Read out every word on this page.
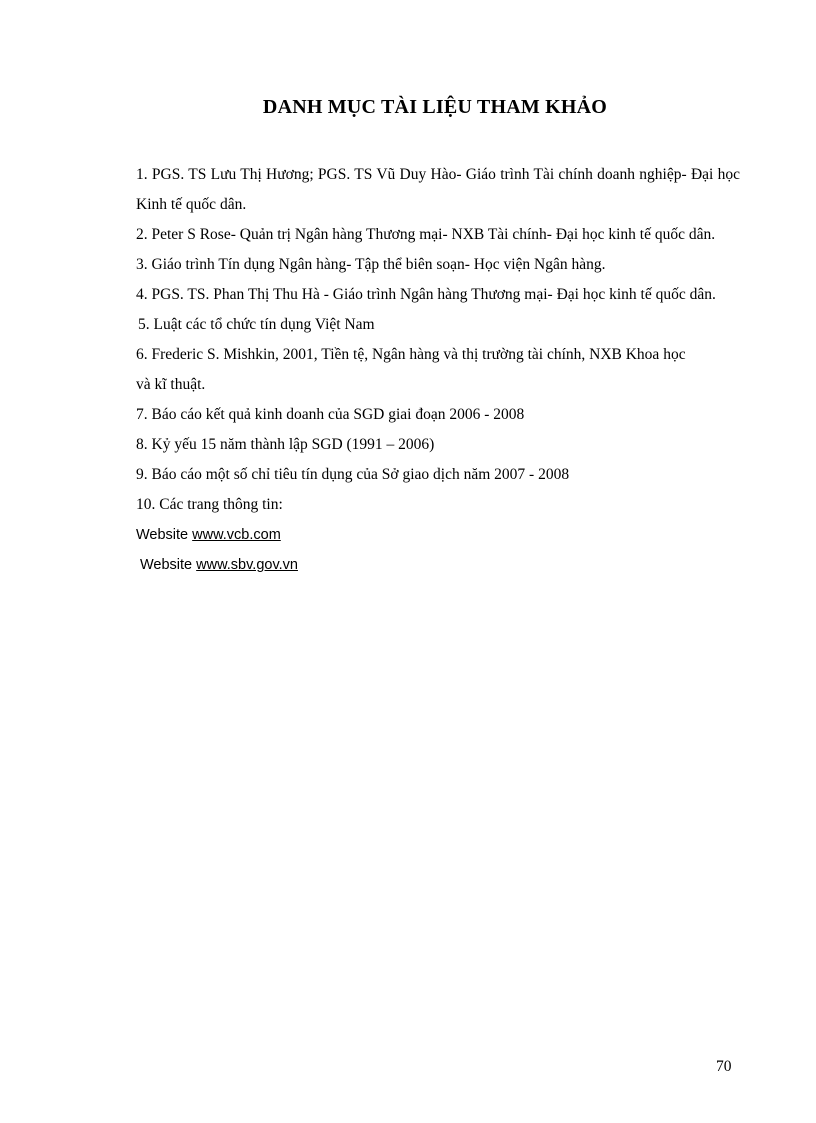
DANH MỤC TÀI LIỆU THAM KHẢO

1. PGS. TS Lưu Thị Hương; PGS. TS Vũ Duy Hào- Giáo trình Tài chính doanh nghiệp- Đại học Kinh tế quốc dân.

2. Peter S Rose- Quản trị Ngân hàng Thương mại- NXB Tài chính- Đại học kinh tế quốc dân.

3. Giáo trình Tín dụng Ngân hàng- Tập thể biên soạn- Học viện Ngân hàng.

4. PGS. TS. Phan Thị Thu Hà - Giáo trình Ngân hàng Thương mại- Đại học kinh tế quốc dân.

5. Luật các tổ chức tín dụng Việt Nam

6. Frederic S. Mishkin, 2001, Tiền tệ, Ngân hàng và thị trường tài chính, NXB Khoa học và kĩ thuật.

7. Báo cáo kết quả kinh doanh của SGD giai đoạn 2006 - 2008

8. Kỷ yếu 15 năm thành lập SGD (1991 – 2006)

9. Báo cáo một số chỉ tiêu tín dụng của Sở giao dịch năm 2007 - 2008

10. Các trang thông tin:

Website www.vcb.com

Website www.sbv.gov.vn

70
